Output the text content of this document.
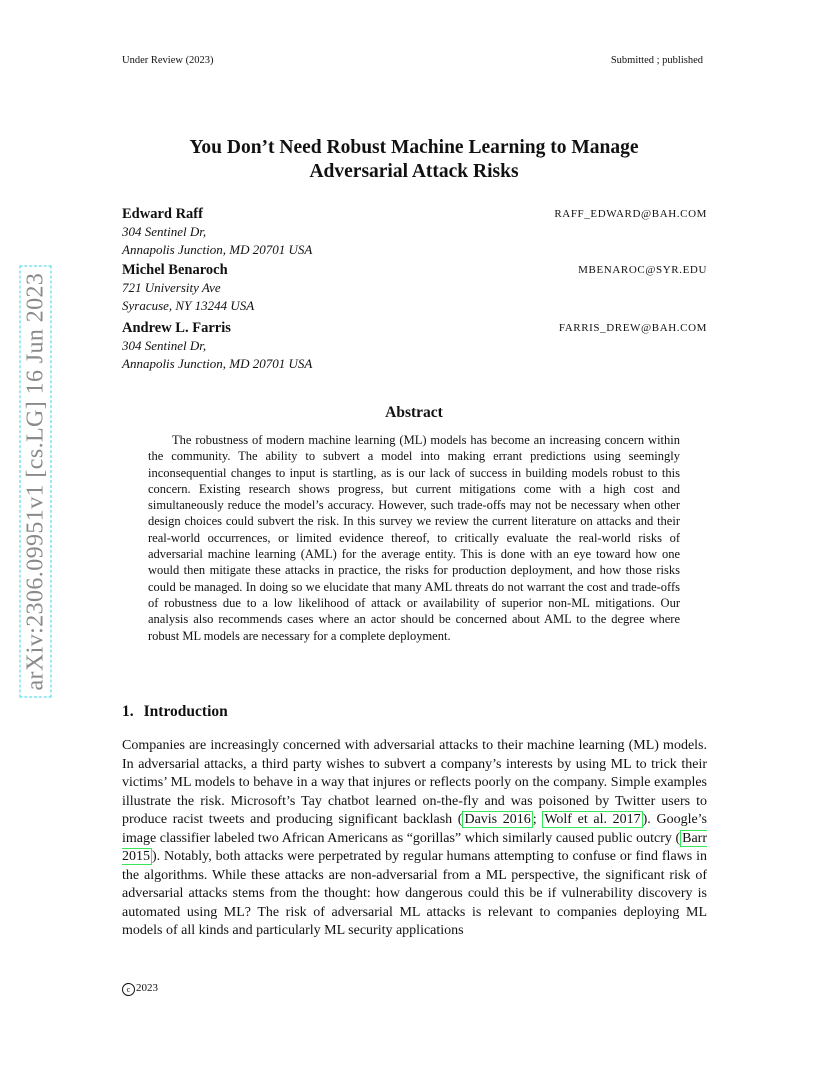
Under Review (2023)	Submitted ; published
You Don’t Need Robust Machine Learning to Manage
Adversarial Attack Risks
Edward Raff	RAFF_EDWARD@BAH.COM
304 Sentinel Dr,
Annapolis Junction, MD 20701 USA
Michel Benaroch	MBENAROC@SYR.EDU
721 University Ave
Syracuse, NY 13244 USA
Andrew L. Farris	FARRIS_DREW@BAH.COM
304 Sentinel Dr,
Annapolis Junction, MD 20701 USA
Abstract
The robustness of modern machine learning (ML) models has become an increasing concern within the community. The ability to subvert a model into making errant predictions using seemingly inconsequential changes to input is startling, as is our lack of success in building models robust to this concern. Existing research shows progress, but current mitigations come with a high cost and simultaneously reduce the model’s accuracy. However, such trade-offs may not be necessary when other design choices could subvert the risk. In this survey we review the current literature on attacks and their real-world occurrences, or limited evidence thereof, to critically evaluate the real-world risks of adversarial machine learning (AML) for the average entity. This is done with an eye toward how one would then mitigate these attacks in practice, the risks for production deployment, and how those risks could be managed. In doing so we elucidate that many AML threats do not warrant the cost and trade-offs of robustness due to a low likelihood of attack or availability of superior non-ML mitigations. Our analysis also recommends cases where an actor should be concerned about AML to the degree where robust ML models are necessary for a complete deployment.
1. Introduction
Companies are increasingly concerned with adversarial attacks to their machine learning (ML) models. In adversarial attacks, a third party wishes to subvert a company’s interests by using ML to trick their victims’ ML models to behave in a way that injures or reflects poorly on the company. Simple examples illustrate the risk. Microsoft’s Tay chatbot learned on-the-fly and was poisoned by Twitter users to produce racist tweets and producing significant backlash ( Davis 2016 ; Wolf et al. 2017 ). Google’s image classifier labeled two African Americans as “gorillas” which similarly caused public outcry ( Barr 2015 ). Notably, both attacks were perpetrated by regular humans attempting to confuse or find flaws in the algorithms. While these attacks are non-adversarial from a ML perspective, the significant risk of adversarial attacks stems from the thought: how dangerous could this be if vulnerability discovery is automated using ML? The risk of adversarial ML attacks is relevant to companies deploying ML models of all kinds and particularly ML security applications
c 2023
arXiv:2306.09951v1 [cs.LG] 16 Jun 2023
